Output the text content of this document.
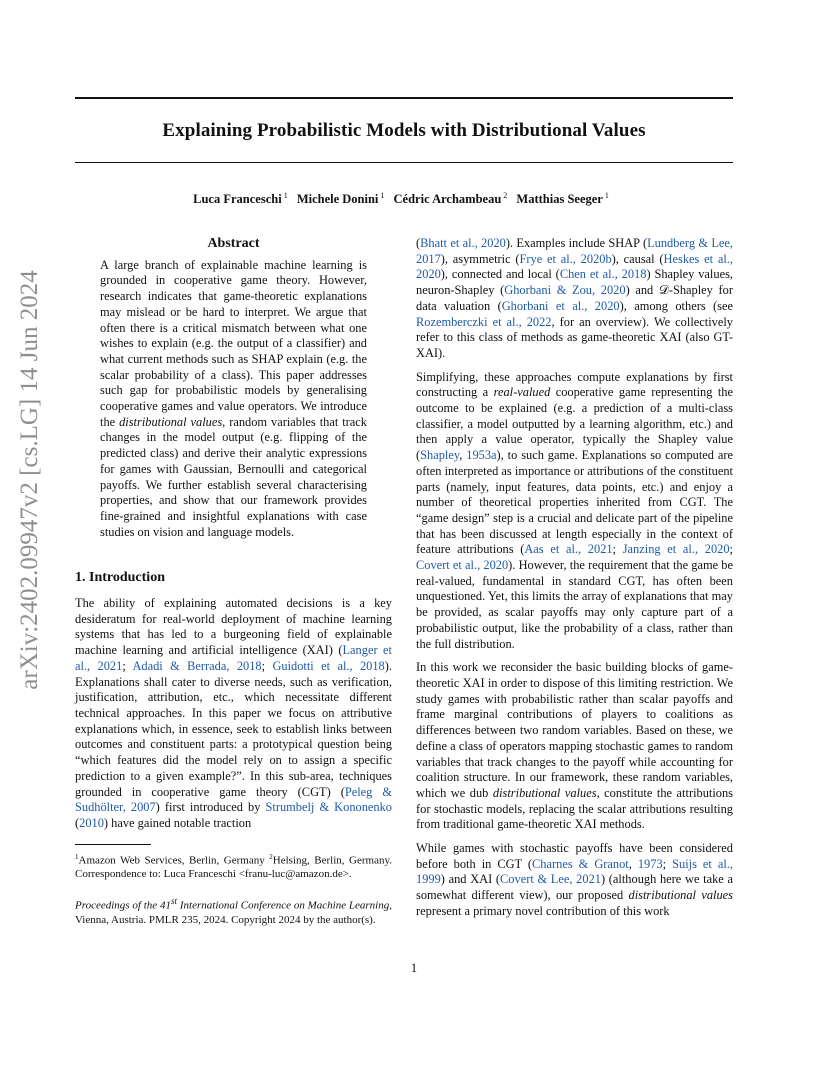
Explaining Probabilistic Models with Distributional Values
Luca Franceschi $^1$ Michele Donini $^1$ Cédric Archambeau $^2$ Matthias Seeger $^1$
arXiv:2402.09947v2 [cs.LG] 14 Jun 2024
Abstract

A large branch of explainable machine learning is grounded in cooperative game theory. However, research indicates that game-theoretic explanations may mislead or be hard to interpret. We argue that often there is a critical mismatch between what one wishes to explain (e.g. the output of a classifier) and what current methods such as SHAP explain (e.g. the scalar probability of a class). This paper addresses such gap for probabilistic models by generalising cooperative games and value operators. We introduce the distributional values, random variables that track changes in the model output (e.g. flipping of the predicted class) and derive their analytic expressions for games with Gaussian, Bernoulli and categorical payoffs. We further establish several characterising properties, and show that our framework provides fine-grained and insightful explanations with case studies on vision and language models.

1. Introduction

The ability of explaining automated decisions is a key desideratum for real-world deployment of machine learning systems that has led to a burgeoning field of explainable machine learning and artificial intelligence (XAI) (Langer et al., 2021; Adadi & Berrada, 2018; Guidotti et al., 2018). Explanations shall cater to diverse needs, such as verification, justification, attribution, etc., which necessitate different technical approaches. In this paper we focus on attributive explanations which, in essence, seek to establish links between outcomes and constituent parts: a prototypical question being “which features did the model rely on to assign a specific prediction to a given example?”. In this sub-area, techniques grounded in cooperative game theory (CGT) (Peleg & Sudhölter, 2007) first introduced by Strumbelj & Kononenko (2010) have gained notable traction

$^1$Amazon Web Services, Berlin, Germany $^2$Helsing, Berlin, Germany. Correspondence to: Luca Franceschi <franu-luc@amazon.de>.
Proceedings of the 41st International Conference on Machine Learning, Vienna, Austria. PMLR 235, 2024. Copyright 2024 by the author(s).

(Bhatt et al., 2020). Examples include SHAP (Lundberg & Lee, 2017), asymmetric (Frye et al., 2020b), causal (Heskes et al., 2020), connected and local (Chen et al., 2018) Shapley values, neuron-Shapley (Ghorbani & Zou, 2020) and 𝒟-Shapley for data valuation (Ghorbani et al., 2020), among others (see Rozemberczki et al., 2022, for an overview). We collectively refer to this class of methods as game-theoretic XAI (also GT-XAI).

Simplifying, these approaches compute explanations by first constructing a real-valued cooperative game representing the outcome to be explained (e.g. a prediction of a multi-class classifier, a model outputted by a learning algorithm, etc.) and then apply a value operator, typically the Shapley value (Shapley, 1953a), to such game. Explanations so computed are often interpreted as importance or attributions of the constituent parts (namely, input features, data points, etc.) and enjoy a number of theoretical properties inherited from CGT. The “game design” step is a crucial and delicate part of the pipeline that has been discussed at length especially in the context of feature attributions (Aas et al., 2021; Janzing et al., 2020; Covert et al., 2020). However, the requirement that the game be real-valued, fundamental in standard CGT, has often been unquestioned. Yet, this limits the array of explanations that may be provided, as scalar payoffs may only capture part of a probabilistic output, like the probability of a class, rather than the full distribution.

In this work we reconsider the basic building blocks of game-theoretic XAI in order to dispose of this limiting restriction. We study games with probabilistic rather than scalar payoffs and frame marginal contributions of players to coalitions as differences between two random variables. Based on these, we define a class of operators mapping stochastic games to random variables that track changes to the payoff while accounting for coalition structure. In our framework, these random variables, which we dub distributional values, constitute the attributions for stochastic models, replacing the scalar attributions resulting from traditional game-theoretic XAI methods.

While games with stochastic payoffs have been considered before both in CGT (Charnes & Granot, 1973; Suijs et al., 1999) and XAI (Covert & Lee, 2021) (although here we take a somewhat different view), our proposed distributional values represent a primary novel contribution of this work

1
